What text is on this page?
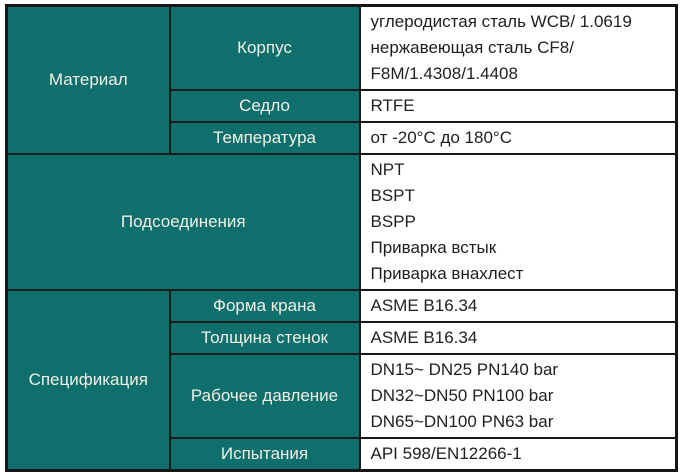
Материал	Корпус	углеродистая сталь WCB/ 1.0619
нержавеющая сталь CF8/
F8M/1.4308/1.4408

	Седло	RTFE

	Температура	от -20°C до 180°C

Подсоединения		NPT
BSPT
BSPP
Приварка встык
Приварка внахлест

Спецификация	Форма крана	ASME B16.34

	Толщина стенок	ASME B16.34

	Рабочее давление	DN15~ DN25 PN140 bar
DN32~DN50 PN100 bar
DN65~DN100 PN63 bar

	Испытания	API 598/EN12266-1
